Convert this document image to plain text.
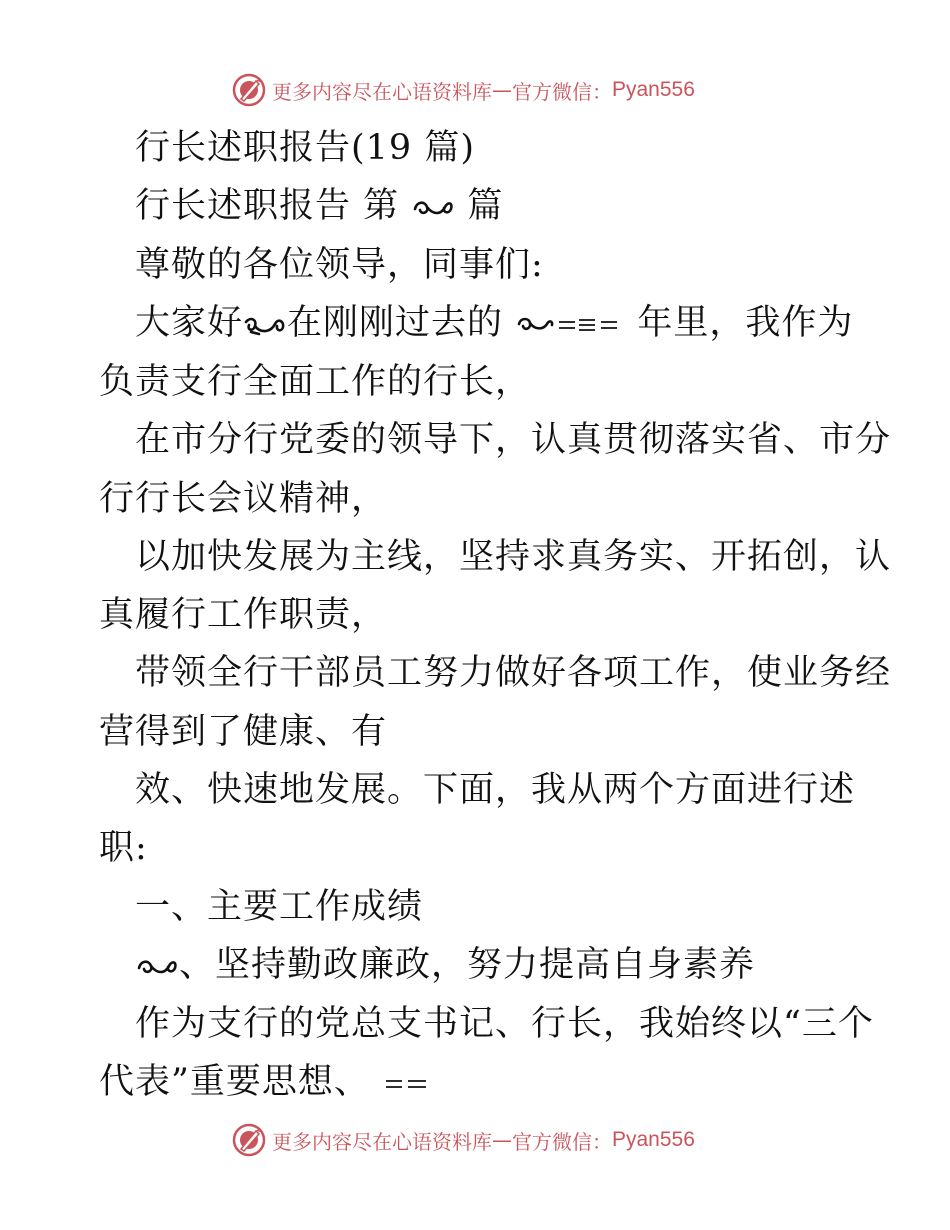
更多内容尽在心语资料库 — 官方微信： Pyan556
行长述职报告(19 篇)
行长述职报告 第 篇
尊敬的各位领导，同事们:
大家好 在刚刚过去的	年里，我作为
负责支行全面工作的行长，
在市分行党委的领导下，认真贯彻落实省、市分
行行长会议精神，
以加快发展为主线，坚持求真务实、开拓创，认
真履行工作职责，
带领全行干部员工努力做好各项工作，使业务经
营得到了健康、有
效、快速地发展。下面，我从两个方面进行述
职:
一、主要工作成绩
、坚持勤政廉政，努力提高自身素养
作为支行的党总支书记、行长，我始终以“三个
代表”重要思想、
更多内容尽在心语资料库 — 官方微信： Pyan556
